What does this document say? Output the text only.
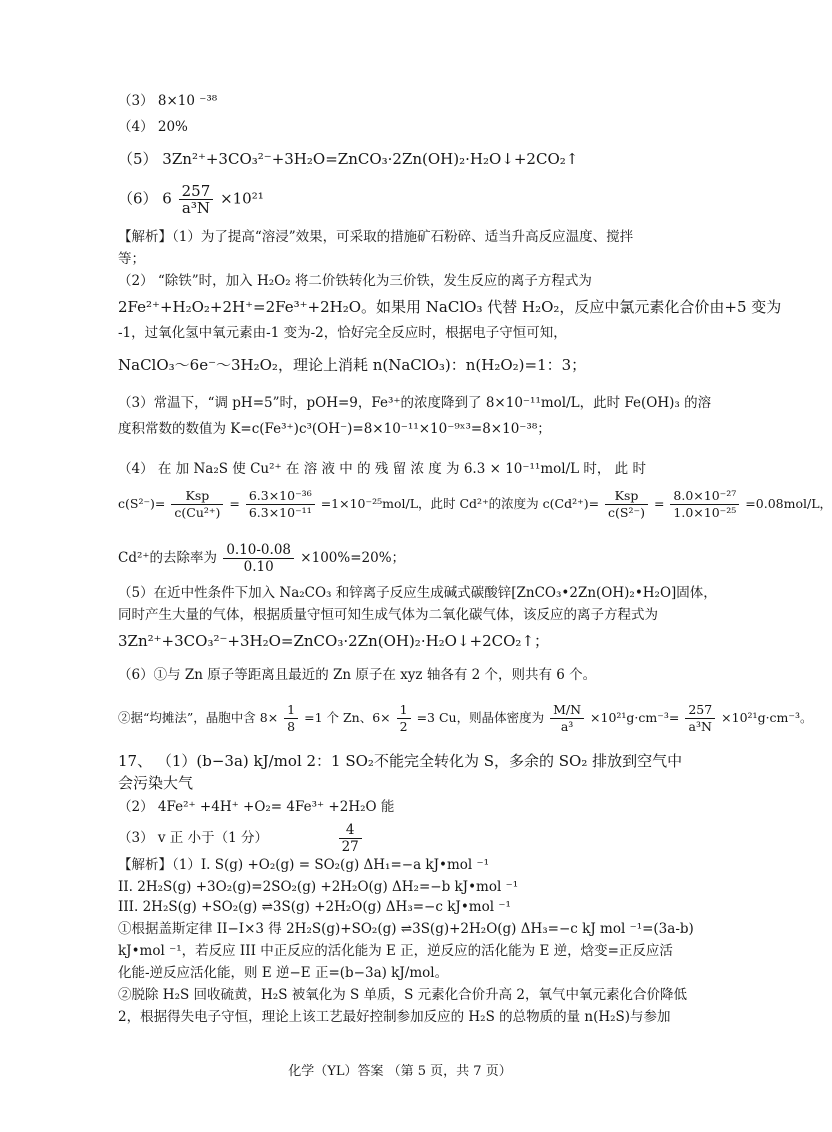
（3） 8×10 ⁻³⁸
（4） 20%
（5） 3Zn²⁺+3CO₃²⁻+3H₂O=ZnCO₃·2Zn(OH)₂·H₂O↓+2CO₂↑
（6） $6 \frac{257}{\text{a³N}} \times 10^{21}$
【解析】（1）为了提高“溶浸”效果，可采取的措施矿石粉碎、适当升高反应温度、搅拌
等；
（2） “除铁”时，加入 H₂O₂ 将二价铁转化为三价铁，发生反应的离子方程式为
2Fe²⁺+H₂O₂+2H⁺=2Fe³⁺+2H₂O。如果用 NaClO₃ 代替 H₂O₂，反应中氯元素化合价由+5 变为
-1，过氧化氢中氧元素由-1 变为-2，恰好完全反应时，根据电子守恒可知，
NaClO₃～6e⁻～3H₂O₂，理论上消耗 n(NaClO₃)：n(H₂O₂)=1：3；
（3）常温下，“调 pH=5”时，pOH=9，Fe³⁺的浓度降到了 8×10⁻¹¹mol/L，此时 Fe(OH)₃ 的溶
度积常数的数值为 K=c(Fe³⁺)c³(OH⁻)=8×10⁻¹¹×10⁻⁹ˣ³=8×10⁻³⁸；
（4） 在 加 Na₂S 使 Cu²⁺ 在 溶 液 中 的 残 留 浓 度 为 6.3 × 10⁻¹¹mol/L 时， 此 时
$c(S^{2-})= \frac{\text{Ksp}}{\text{c(Cu²⁺)}} = \frac{\text{6.3×10⁻³⁶}}{\text{6.3×10⁻¹¹}} =1\times 10^{-25}mol/L$，此时 Cd²⁺的浓度为 $c(Cd^{2+})= \frac{\text{Ksp}}{\text{c(S²⁻)}} = \frac{\text{8.0×10⁻²⁷}}{\text{1.0×10⁻²⁵}} =0.08mol/L$，
Cd²⁺的去除率为 $\frac{0.10-0.08}{0.10} \times 100\%=20\%$；
（5）在近中性条件下加入 Na₂CO₃ 和锌离子反应生成碱式碳酸锌[ZnCO₃•2Zn(OH)₂•H₂O]固体，
同时产生大量的气体，根据质量守恒可知生成气体为二氧化碳气体，该反应的离子方程式为
3Zn²⁺+3CO₃²⁻+3H₂O=ZnCO₃·2Zn(OH)₂·H₂O↓+2CO₂↑；
（6）①与 Zn 原子等距离且最近的 Zn 原子在 xyz 轴各有 2 个，则共有 6 个。
②据“均摊法”，晶胞中含 $8\times \frac{1}{8} =1$ 个 Zn、$6\times \frac{1}{2} =3$ Cu，则晶体密度为 $\frac{M/N}{\text{a³}} \times 10^{21}g\cdot cm^{-3}= \frac{257}{\text{a³N}} \times 10^{21}g\cdot cm^{-3}$。
17、 （1）(b−3a) kJ/mol 2：1 SO₂不能完全转化为 S，多余的 SO₂ 排放到空气中
会污染大气
（2） 4Fe²⁺ +4H⁺ +O₂= 4Fe³⁺ +2H₂O 能
（3） v 正 小于（1 分）	$\frac{4}{27}$
【解析】（1）I. S(g) +O₂(g) = SO₂(g) ΔH₁=−a kJ•mol ⁻¹
II. 2H₂S(g) +3O₂(g)=2SO₂(g) +2H₂O(g) ΔH₂=−b kJ•mol ⁻¹
III. 2H₂S(g) +SO₂(g) ⇌3S(g) +2H₂O(g) ΔH₃=−c kJ•mol ⁻¹
①根据盖斯定律 II−I×3 得 2H₂S(g)+SO₂(g) ⇌3S(g)+2H₂O(g) ΔH₃=−c kJ mol ⁻¹=(3a-b)
kJ•mol ⁻¹，若反应 III 中正反应的活化能为 E 正，逆反应的活化能为 E 逆，焓变=正反应活
化能-逆反应活化能，则 E 逆−E 正=(b−3a) kJ/mol。
②脱除 H₂S 回收硫黄，H₂S 被氧化为 S 单质，S 元素化合价升高 2，氧气中氧元素化合价降低
2，根据得失电子守恒，理论上该工艺最好控制参加反应的 H₂S 的总物质的量 n(H₂S)与参加
化学（YL）答案 （第 5 页，共 7 页）
